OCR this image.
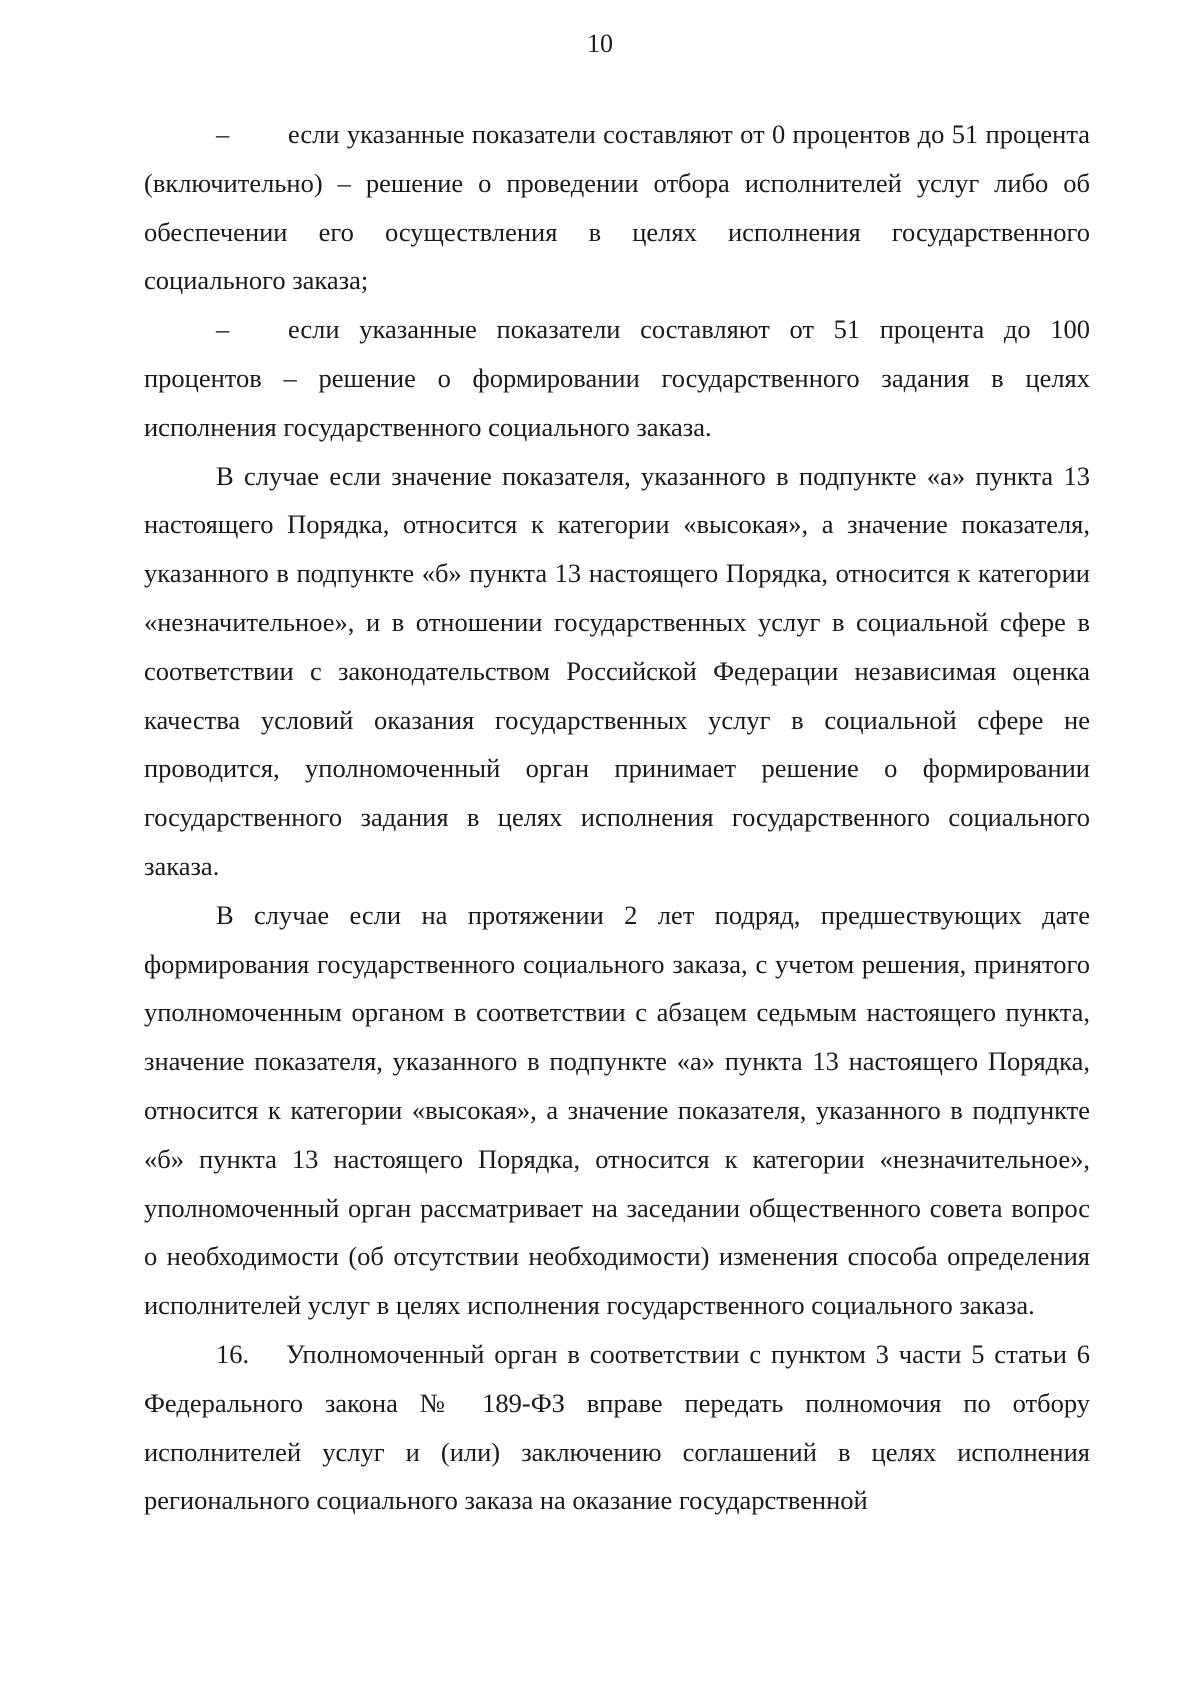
10

– если указанные показатели составляют от 0 процентов до 51 процента (включительно) – решение о проведении отбора исполнителей услуг либо об обеспечении его осуществления в целях исполнения государственного социального заказа;

– если указанные показатели составляют от 51 процента до 100 процентов – решение о формировании государственного задания в целях исполнения государственного социального заказа.

В случае если значение показателя, указанного в подпункте «а» пункта 13 настоящего Порядка, относится к категории «высокая», а значение показателя, указанного в подпункте «б» пункта 13 настоящего Порядка, относится к категории «незначительное», и в отношении государственных услуг в социальной сфере в соответствии с законодательством Российской Федерации независимая оценка качества условий оказания государственных услуг в социальной сфере не проводится, уполномоченный орган принимает решение о формировании государственного задания в целях исполнения государственного социального заказа.

В случае если на протяжении 2 лет подряд, предшествующих дате формирования государственного социального заказа, с учетом решения, принятого уполномоченным органом в соответствии с абзацем седьмым настоящего пункта, значение показателя, указанного в подпункте «а» пункта 13 настоящего Порядка, относится к категории «высокая», а значение показателя, указанного в подпункте «б» пункта 13 настоящего Порядка, относится к категории «незначительное», уполномоченный орган рассматривает на заседании общественного совета вопрос о необходимости (об отсутствии необходимости) изменения способа определения исполнителей услуг в целях исполнения государственного социального заказа.

16. Уполномоченный орган в соответствии с пунктом 3 части 5 статьи 6 Федерального закона № 189-ФЗ вправе передать полномочия по отбору исполнителей услуг и (или) заключению соглашений в целях исполнения регионального социального заказа на оказание государственной
